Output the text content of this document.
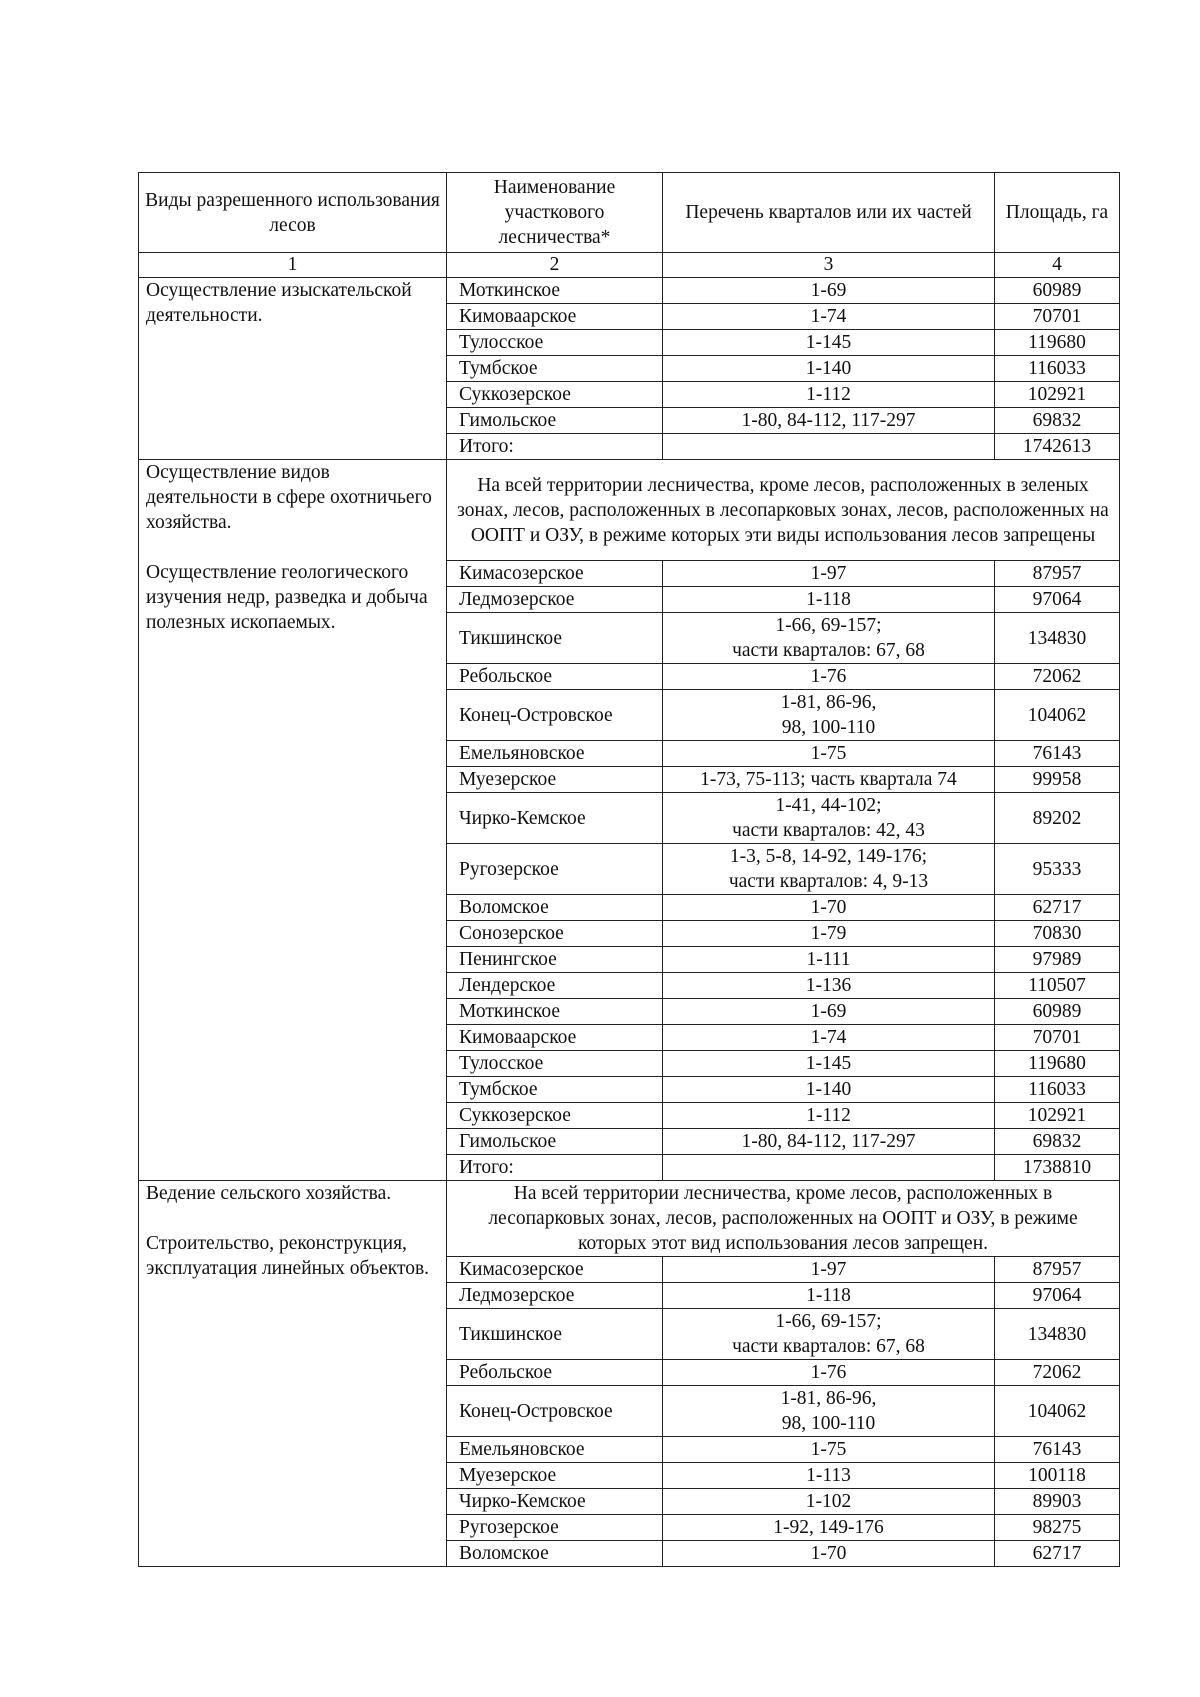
Виды разрешенного использования лесов	Наименование участкового лесничества*	Перечень кварталов или их частей	Площадь, га
1	2	3	4
Осуществление изыскательской деятельности.	Моткинское	1-69	60989
	Кимоваарское	1-74	70701
	Тулосское	1-145	119680
	Тумбское	1-140	116033
	Суккозерское	1-112	102921
	Гимольское	1-80, 84-112, 117-297	69832
	Итого:		1742613

Осуществление видов деятельности в сфере охотничьего хозяйства.
Осуществление геологического изучения недр, разведка и добыча полезных ископаемых.	На всей территории лесничества, кроме лесов, расположенных в зеленых зонах, лесов, расположенных в лесопарковых зонах, лесов, расположенных на ООПТ и ОЗУ, в режиме которых эти виды использования лесов запрещены		
	Кимасозерское	1-97	87957
	Ледмозерское	1-118	97064
	Тикшинское	1-66, 69-157;
части кварталов: 67, 68	134830
	Ребольское	1-76	72062
	Конец-Островское	1-81, 86-96,
98, 100-110	104062
	Емельяновское	1-75	76143
	Муезерское	1-73, 75-113; часть квартала 74	99958
	Чирко-Кемское	1-41, 44-102;
части кварталов: 42, 43	89202
	Ругозерское	1-3, 5-8, 14-92, 149-176;
части кварталов: 4, 9-13	95333
	Воломское	1-70	62717
	Сонозерское	1-79	70830
	Пенингское	1-111	97989
	Лендерское	1-136	110507
	Моткинское	1-69	60989
	Кимоваарское	1-74	70701
	Тулосское	1-145	119680
	Тумбское	1-140	116033
	Суккозерское	1-112	102921
	Гимольское	1-80, 84-112, 117-297	69832
	Итого:		1738810

Ведение сельского хозяйства.
Строительство, реконструкция, эксплуатация линейных объектов.	На всей территории лесничества, кроме лесов, расположенных в лесопарковых зонах, лесов, расположенных на ООПТ и ОЗУ, в режиме которых этот вид использования лесов запрещен.		
	Кимасозерское	1-97	87957
	Ледмозерское	1-118	97064
	Тикшинское	1-66, 69-157;
части кварталов: 67, 68	134830
	Ребольское	1-76	72062
	Конец-Островское	1-81, 86-96,
98, 100-110	104062
	Емельяновское	1-75	76143
	Муезерское	1-113	100118
	Чирко-Кемское	1-102	89903
	Ругозерское	1-92, 149-176	98275
	Воломское	1-70	62717
